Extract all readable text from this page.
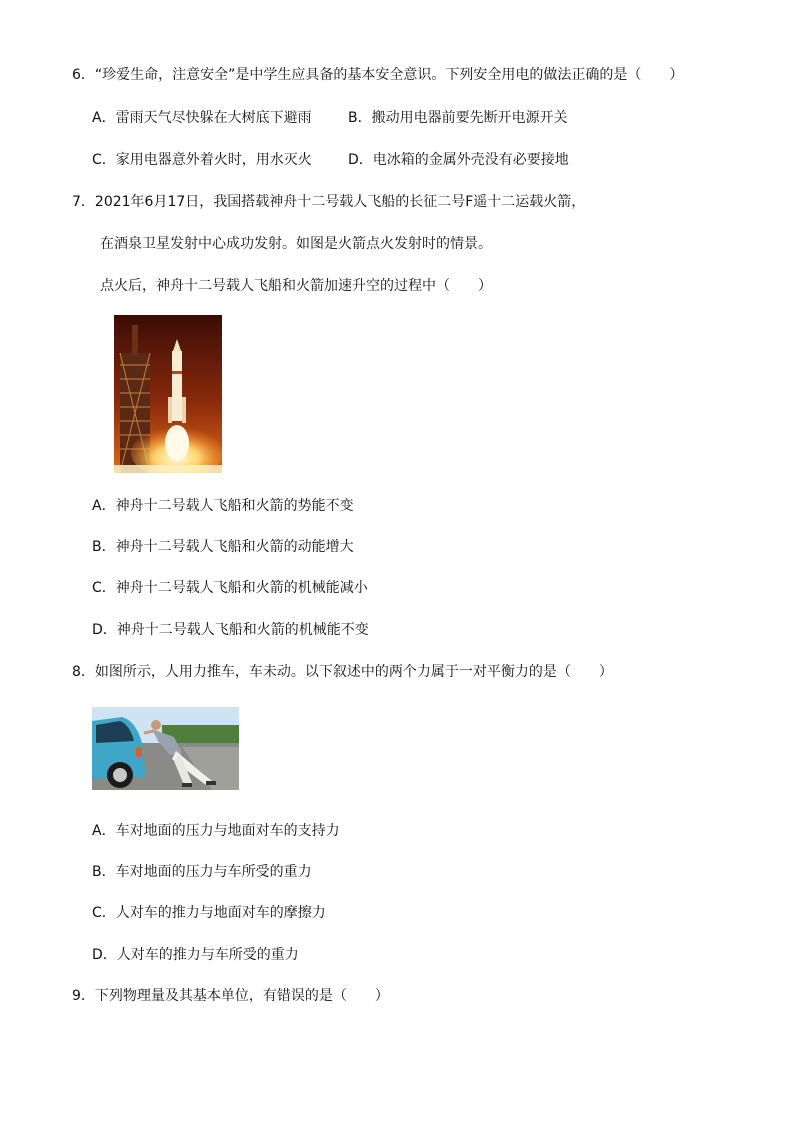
6．“珍爱生命，注意安全”是中学生应具备的基本安全意识。下列安全用电的做法正确的是（　　）
A．雷雨天气尽快躲在大树底下避雨	B．搬动用电器前要先断开电源开关
C．家用电器意外着火时，用水灭火	D．电冰箱的金属外壳没有必要接地
7．2021年6月17日，我国搭载神舟十二号载人飞船的长征二号F遥十二运载火箭，
在酒泉卫星发射中心成功发射。如图是火箭点火发射时的情景。
点火后，神舟十二号载人飞船和火箭加速升空的过程中（　　）
A．神舟十二号载人飞船和火箭的势能不变
B．神舟十二号载人飞船和火箭的动能增大
C．神舟十二号载人飞船和火箭的机械能减小
D．神舟十二号载人飞船和火箭的机械能不变
8．如图所示，人用力推车，车未动。以下叙述中的两个力属于一对平衡力的是（　　）
A．车对地面的压力与地面对车的支持力
B．车对地面的压力与车所受的重力
C．人对车的推力与地面对车的摩擦力
D．人对车的推力与车所受的重力
9．下列物理量及其基本单位，有错误的是（　　）
